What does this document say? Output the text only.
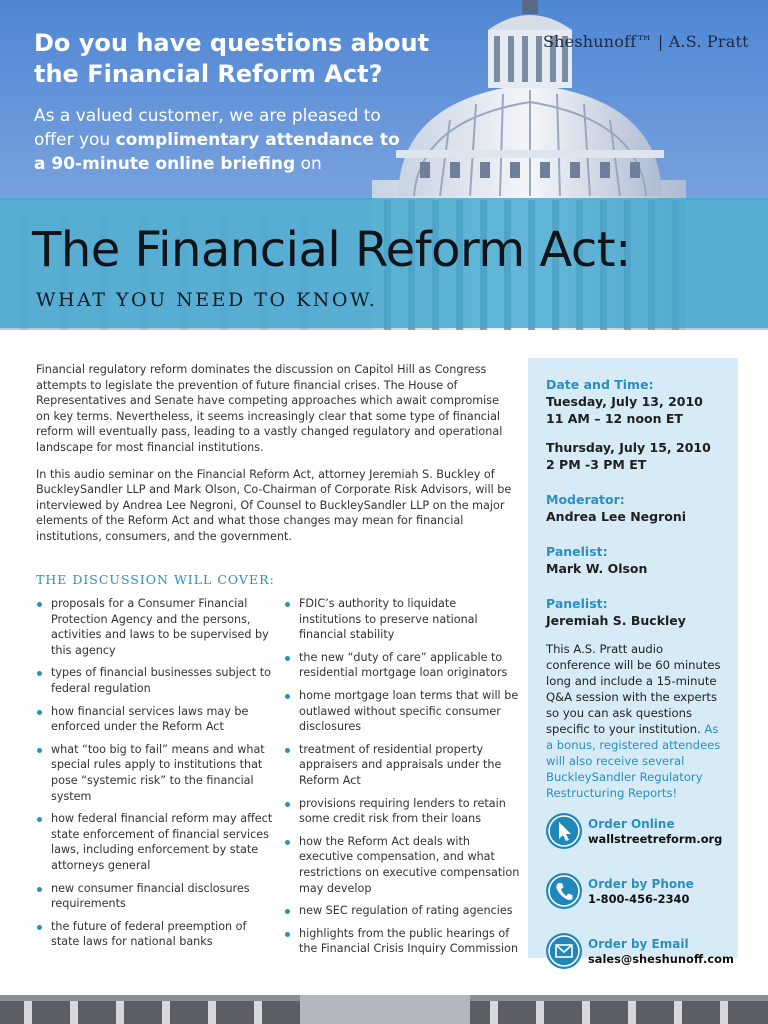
Do you have questions about the Financial Reform Act?
As a valued customer, we are pleased to offer you complimentary attendance to a 90-minute online briefing on
Sheshunoff™ | A.S. Pratt
The Financial Reform Act:
WHAT YOU NEED TO KNOW.

Financial regulatory reform dominates the discussion on Capitol Hill as Congress attempts to legislate the prevention of future financial crises. The House of Representatives and Senate have competing approaches which await compromise on key terms. Nevertheless, it seems increasingly clear that some type of financial reform will eventually pass, leading to a vastly changed regulatory and operational landscape for most financial institutions.

In this audio seminar on the Financial Reform Act, attorney Jeremiah S. Buckley of BuckleySandler LLP and Mark Olson, Co-Chairman of Corporate Risk Advisors, will be interviewed by Andrea Lee Negroni, Of Counsel to BuckleySandler LLP on the major elements of the Reform Act and what those changes may mean for financial institutions, consumers, and the government.

THE DISCUSSION WILL COVER:
proposals for a Consumer Financial Protection Agency and the persons, activities and laws to be supervised by this agency
types of financial businesses subject to federal regulation
how financial services laws may be enforced under the Reform Act
what “too big to fail” means and what special rules apply to institutions that pose “systemic risk” to the financial system
how federal financial reform may affect state enforcement of financial services laws, including enforcement by state attorneys general
new consumer financial disclosures requirements
the future of federal preemption of state laws for national banks
FDIC’s authority to liquidate institutions to preserve national financial stability
the new “duty of care” applicable to residential mortgage loan originators
home mortgage loan terms that will be outlawed without specific consumer disclosures
treatment of residential property appraisers and appraisals under the Reform Act
provisions requiring lenders to retain some credit risk from their loans
how the Reform Act deals with executive compensation, and what restrictions on executive compensation may develop
new SEC regulation of rating agencies
highlights from the public hearings of the Financial Crisis Inquiry Commission
Date and Time:
Tuesday, July 13, 2010
11 AM – 12 noon ET
Thursday, July 15, 2010
2 PM -3 PM ET
Moderator:
Andrea Lee Negroni
Panelist:
Mark W. Olson
Panelist:
Jeremiah S. Buckley
This A.S. Pratt audio conference will be 60 minutes long and include a 15-minute Q&A session with the experts so you can ask questions specific to your institution. As a bonus, registered attendees will also receive several BuckleySandler Regulatory Restructuring Reports!
Order Online
wallstreetreform.org
Order by Phone
1-800-456-2340
Order by Email
sales@sheshunoff.com
